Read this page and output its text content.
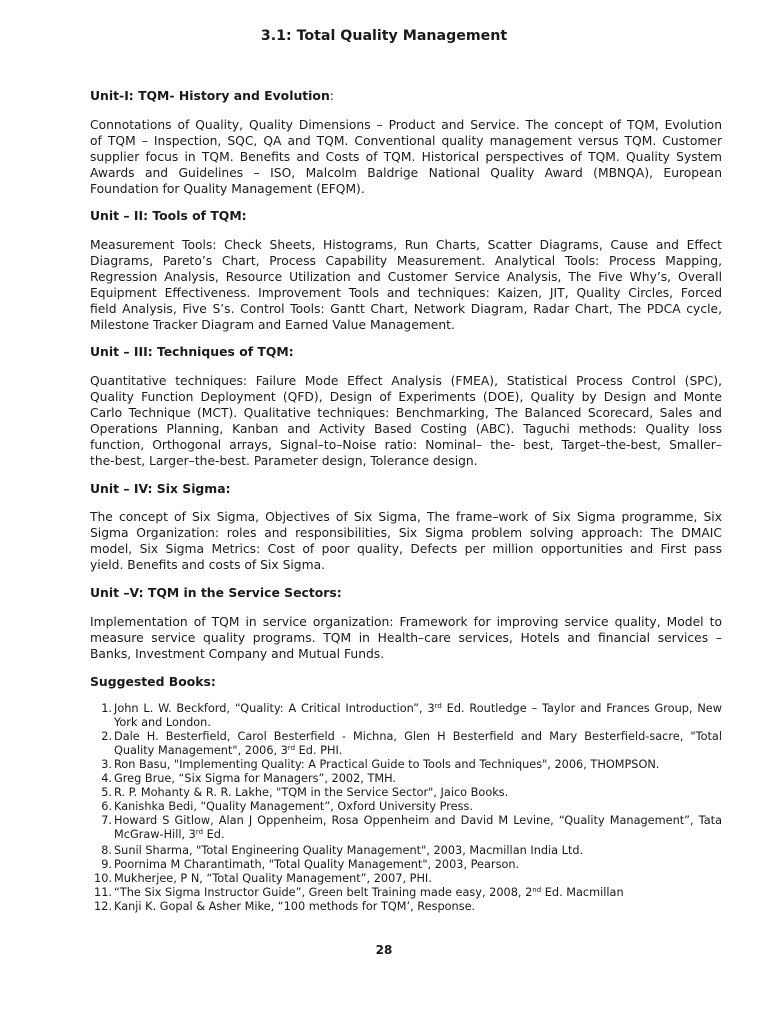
3.1: Total Quality Management
Unit-I: TQM- History and Evolution:
Connotations of Quality, Quality Dimensions – Product and Service. The concept of TQM, Evolution
of TQM – Inspection, SQC, QA and TQM. Conventional quality management versus TQM. Customer
supplier focus in TQM. Benefits and Costs of TQM. Historical perspectives of TQM. Quality System
Awards and Guidelines – ISO, Malcolm Baldrige National Quality Award (MBNQA), European
Foundation for Quality Management (EFQM).
Unit – II: Tools of TQM:
Measurement Tools: Check Sheets, Histograms, Run Charts, Scatter Diagrams, Cause and Effect
Diagrams, Pareto’s Chart, Process Capability Measurement. Analytical Tools: Process Mapping,
Regression Analysis, Resource Utilization and Customer Service Analysis, The Five Why’s, Overall
Equipment Effectiveness. Improvement Tools and techniques: Kaizen, JIT, Quality Circles, Forced
field Analysis, Five S’s. Control Tools: Gantt Chart, Network Diagram, Radar Chart, The PDCA cycle,
Milestone Tracker Diagram and Earned Value Management.
Unit – III: Techniques of TQM:
Quantitative techniques: Failure Mode Effect Analysis (FMEA), Statistical Process Control (SPC),
Quality Function Deployment (QFD), Design of Experiments (DOE), Quality by Design and Monte
Carlo Technique (MCT). Qualitative techniques: Benchmarking, The Balanced Scorecard, Sales and
Operations Planning, Kanban and Activity Based Costing (ABC). Taguchi methods: Quality loss
function, Orthogonal arrays, Signal–to–Noise ratio: Nominal– the- best, Target–the-best, Smaller–
the-best, Larger–the-best. Parameter design, Tolerance design.
Unit – IV: Six Sigma:
The concept of Six Sigma, Objectives of Six Sigma, The frame–work of Six Sigma programme, Six
Sigma Organization: roles and responsibilities, Six Sigma problem solving approach: The DMAIC
model, Six Sigma Metrics: Cost of poor quality, Defects per million opportunities and First pass
yield. Benefits and costs of Six Sigma.
Unit –V: TQM in the Service Sectors:
Implementation of TQM in service organization: Framework for improving service quality, Model to
measure service quality programs. TQM in Health–care services, Hotels and financial services –
Banks, Investment Company and Mutual Funds.
Suggested Books:
1. John L. W. Beckford, “Quality: A Critical Introduction”, 3rd Ed. Routledge – Taylor and Frances Group, New
York and London.
2. Dale H. Besterfield, Carol Besterfield - Michna, Glen H Besterfield and Mary Besterfield-sacre, "Total
Quality Management", 2006, 3rd Ed. PHI.
3. Ron Basu, "Implementing Quality: A Practical Guide to Tools and Techniques", 2006, THOMPSON.
4. Greg Brue, “Six Sigma for Managers”, 2002, TMH.
5. R. P. Mohanty & R. R. Lakhe, "TQM in the Service Sector", Jaico Books.
6. Kanishka Bedi, “Quality Management”, Oxford University Press.
7. Howard S Gitlow, Alan J Oppenheim, Rosa Oppenheim and David M Levine, “Quality Management”, Tata
McGraw-Hill, 3rd Ed.
8. Sunil Sharma, "Total Engineering Quality Management", 2003, Macmillan India Ltd.
9. Poornima M Charantimath, "Total Quality Management", 2003, Pearson.
10. Mukherjee, P N, “Total Quality Management”, 2007, PHI.
11. “The Six Sigma Instructor Guide”, Green belt Training made easy, 2008, 2nd Ed. Macmillan
12. Kanji K. Gopal & Asher Mike, “100 methods for TQM’, Response.
28
